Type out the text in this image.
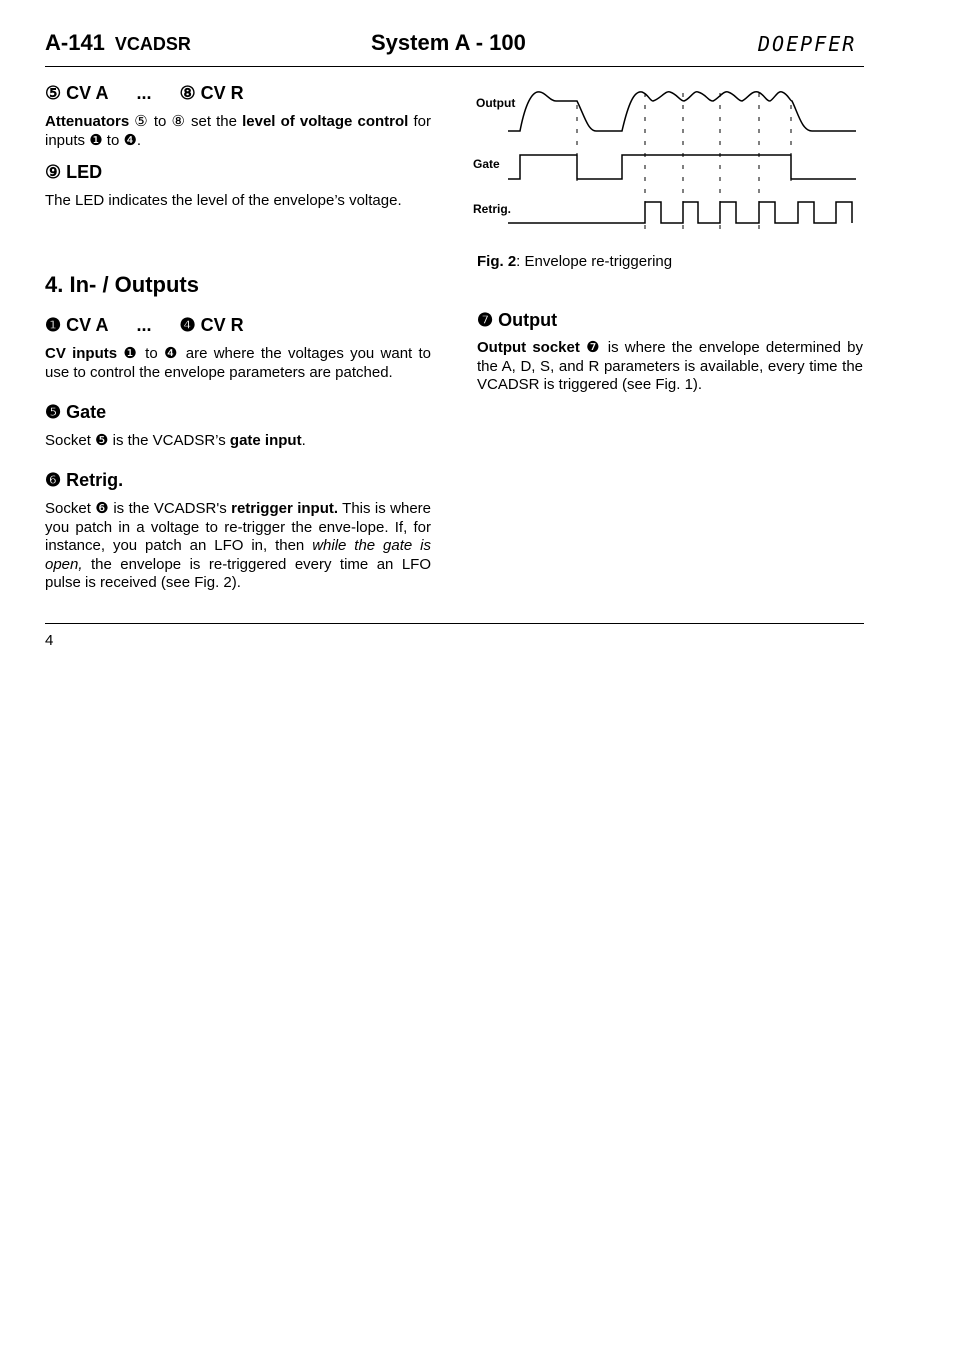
A-141 VCADSR	System A - 100	DOEPFER
⑤ CV A ... ⑧ CV R
Attenuators ⑤ to ⑧ set the level of voltage control for inputs ❶ to ❹.
⑨ LED
The LED indicates the level of the envelope’s voltage.
4. In- / Outputs
❶ CV A ... ❹ CV R
CV inputs ❶ to ❹ are where the voltages you want to use to control the envelope parameters are patched.
❺ Gate
Socket ❺ is the VCADSR’s gate input.
❻ Retrig.
Socket ❻ is the VCADSR's retrigger input. This is where you patch in a voltage to re-trigger the enve-lope. If, for instance, you patch an LFO in, then while the gate is open, the envelope is re-triggered every time an LFO pulse is received (see Fig. 2).
Output
Gate
Retrig.
Fig. 2: Envelope re-triggering
❼ Output
Output socket ❼ is where the envelope determined by the A, D, S, and R parameters is available, every time the VCADSR is triggered (see Fig. 1).
4
